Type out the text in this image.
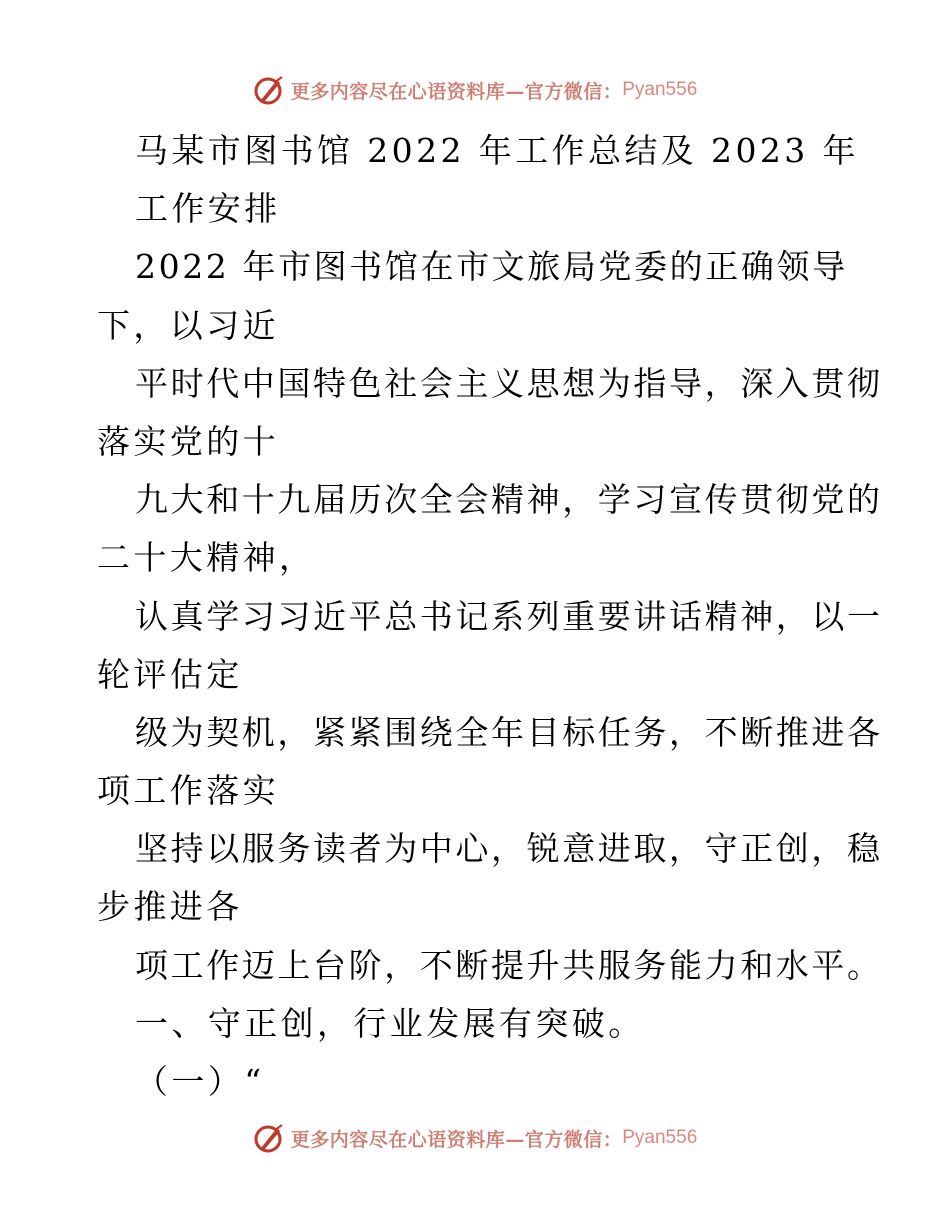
更多内容尽在心语资料库—官方微信： Pyan556
马某市图书馆 2022 年工作总结及 2023 年
工作安排
2022 年市图书馆在市文旅局党委的正确领导
下，以习近
平时代中国特色社会主义思想为指导，深入贯彻
落实党的十
九大和十九届历次全会精神，学习宣传贯彻党的
二十大精神，
认真学习习近平总书记系列重要讲话精神，以一
轮评估定
级为契机，紧紧围绕全年目标任务，不断推进各
项工作落实
坚持以服务读者为中心，锐意进取，守正创，稳
步推进各
项工作迈上台阶，不断提升共服务能力和水平。
一、守正创，行业发展有突破。
（一）“
更多内容尽在心语资料库—官方微信： Pyan556
